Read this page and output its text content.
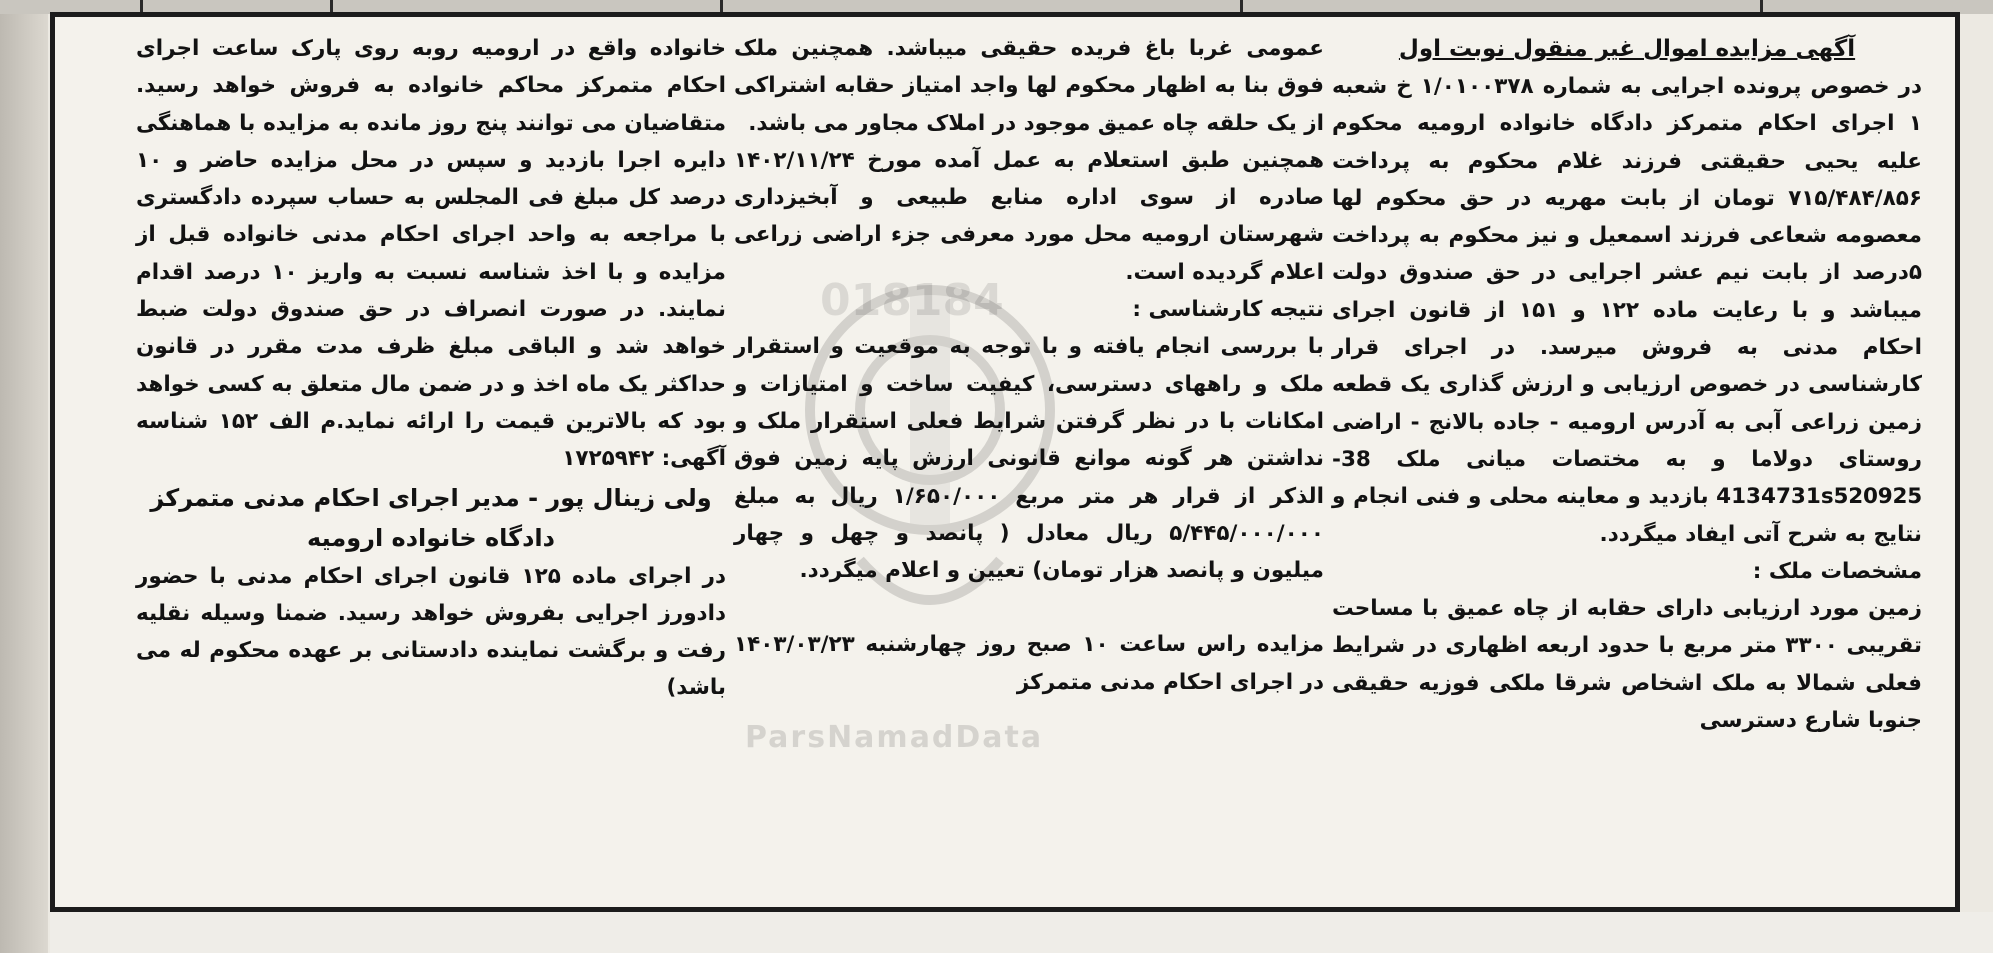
آگهی مزایده اموال غیر منقول نوبت اول

در خصوص پرونده اجرایی به شماره ۱/۰۱۰۰۳۷۸ خ شعبه ۱ اجرای احکام متمرکز دادگاه خانواده ارومیه محکوم علیه یحیی حقیقتی فرزند غلام محکوم به پرداخت ۷۱۵/۴۸۴/۸۵۶ تومان از بابت مهریه در حق محکوم لها معصومه شعاعی فرزند اسمعیل و نیز محکوم به پرداخت ۵درصد از بابت نیم عشر اجرایی در حق صندوق دولت میباشد و با رعایت ماده ۱۲۲ و ۱۵۱ از قانون اجرای احکام مدنی به فروش میرسد. در اجرای قرار کارشناسی در خصوص ارزیابی و ارزش گذاری یک قطعه زمین زراعی آبی به آدرس ارومیه - جاده بالانج - اراضی روستای دولاما و به مختصات میانی ملک 38-4134731s520925 بازدید و معاینه محلی و فنی انجام و نتایج به شرح آتی ایفاد میگردد.

مشخصات ملک :

زمین مورد ارزیابی دارای حقابه از چاه عمیق با مساحت تقریبی ۳۳۰۰ متر مربع با حدود اربعه اظهاری در شرایط فعلی شمالا به ملک اشخاص شرقا ملکی فوزیه حقیقی جنوبا شارع دسترسی

عمومی غربا باغ فریده حقیقی میباشد. همچنین ملک فوق بنا به اظهار محکوم لها واجد امتیاز حقابه اشتراکی از یک حلقه چاه عمیق موجود در املاک مجاور می باشد.

همچنین طبق استعلام به عمل آمده مورخ ۱۴۰۲/۱۱/۲۴ صادره از سوی اداره منابع طبیعی و آبخیزداری شهرستان ارومیه محل مورد معرفی جزء اراضی زراعی اعلام گردیده است.

نتیجه کارشناسی :

با بررسی انجام یافته و با توجه به موقعیت و استقرار ملک و راههای دسترسی، کیفیت ساخت و امتیازات و امکانات با در نظر گرفتن شرایط فعلی استقرار ملک و نداشتن هر گونه موانع قانونی ارزش پایه زمین فوق الذکر از قرار هر متر مربع ۱/۶۵۰/۰۰۰ ریال به مبلغ ۵/۴۴۵/۰۰۰/۰۰۰ ریال معادل ( پانصد و چهل و چهار میلیون و پانصد هزار تومان) تعیین و اعلام میگردد.

مزایده راس ساعت ۱۰ صبح روز چهارشنبه ۱۴۰۳/۰۳/۲۳ در اجرای احکام مدنی متمرکز

خانواده واقع در ارومیه روبه روی پارک ساعت اجرای احکام متمرکز محاکم خانواده به فروش خواهد رسید. متقاضیان می توانند پنج روز مانده به مزایده با هماهنگی دایره اجرا بازدید و سپس در محل مزایده حاضر و ۱۰ درصد کل مبلغ فی المجلس به حساب سپرده دادگستری با مراجعه به واحد اجرای احکام مدنی خانواده قبل از مزایده و با اخذ شناسه نسبت به واریز ۱۰ درصد اقدام نمایند. در صورت انصراف در حق صندوق دولت ضبط خواهد شد و الباقی مبلغ ظرف مدت مقرر در قانون حداکثر یک ماه اخذ و در ضمن مال متعلق به کسی خواهد بود که بالاترین قیمت را ارائه نماید.م الف ۱۵۲ شناسه آگهی: ۱۷۲۵۹۴۲

ولی زینال پور - مدیر اجرای احکام مدنی متمرکز دادگاه خانواده ارومیه

در اجرای ماده ۱۲۵ قانون اجرای احکام مدنی با حضور دادورز اجرایی بفروش خواهد رسید. ضمنا وسیله نقلیه رفت و برگشت نماینده دادستانی بر عهده محکوم له می باشد)
